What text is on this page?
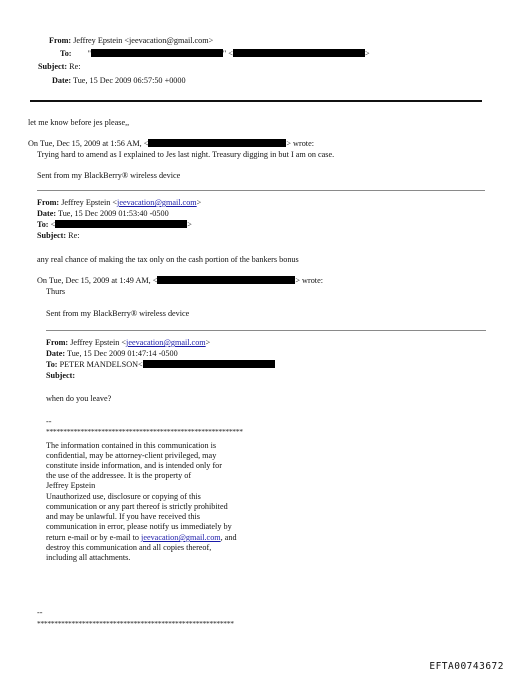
From: Jeffrey Epstein <jeevacation@gmail.com>
To: "	" <	>
Subject: Re:
Date: Tue, 15 Dec 2009 06:57:50 +0000
let me know before jes please,,
On Tue, Dec 15, 2009 at 1:56 AM, <	> wrote:
Trying hard to amend as I explained to Jes last night. Treasury digging in but I am on case.
Sent from my BlackBerry® wireless device
From: Jeffrey Epstein <jeevacation@gmail.com>
Date: Tue, 15 Dec 2009 01:53:40 -0500
To: <	>
Subject: Re:
any real chance of making the tax only on the cash portion of the bankers bonus
On Tue, Dec 15, 2009 at 1:49 AM, <	> wrote:
Thurs
Sent from my BlackBerry® wireless device
From: Jeffrey Epstein <jeevacation@gmail.com>
Date: Tue, 15 Dec 2009 01:47:14 -0500
To: PETER MANDELSON<
Subject:
when do you leave?
--
*********************************************************
The information contained in this communication is
confidential, may be attorney-client privileged, may
constitute inside information, and is intended only for
the use of the addressee. It is the property of
Jeffrey Epstein
Unauthorized use, disclosure or copying of this
communication or any part thereof is strictly prohibited
and may be unlawful. If you have received this
communication in error, please notify us immediately by
return e-mail or by e-mail to jeevacation@gmail.com, and
destroy this communication and all copies thereof,
including all attachments.
--
*********************************************************
EFTA00743672
